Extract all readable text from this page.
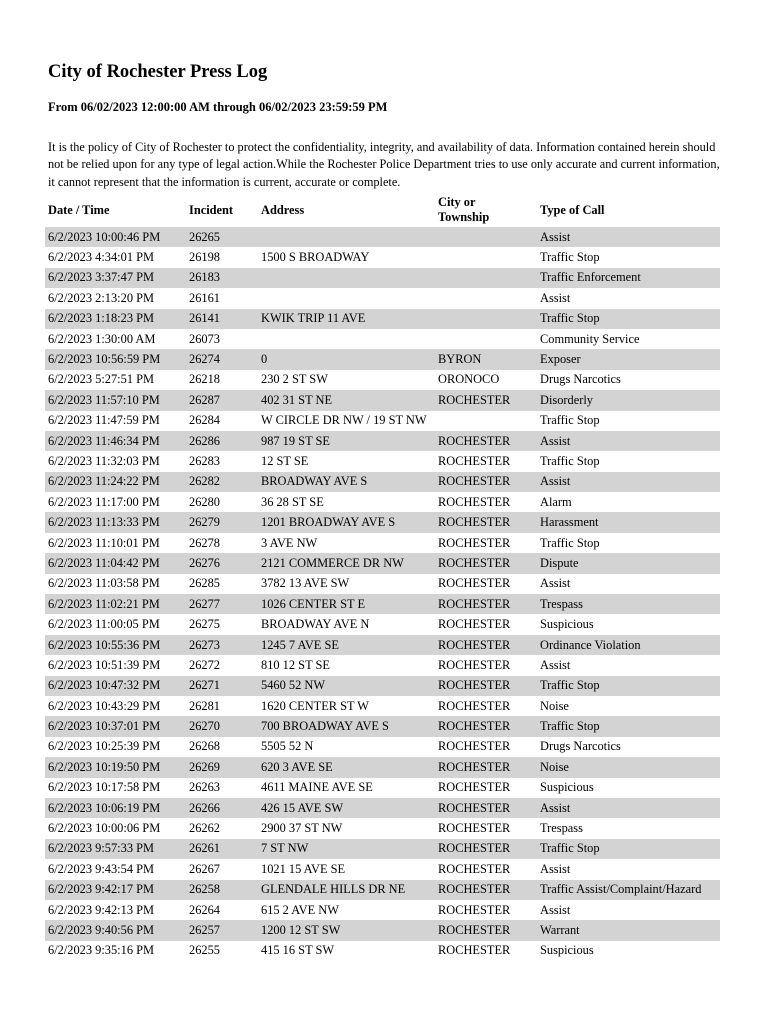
City of Rochester Press Log
From 06/02/2023 12:00:00 AM through 06/02/2023 23:59:59 PM
It is the policy of City of Rochester to protect the confidentiality, integrity, and availability of data. Information contained herein should not be relied upon for any type of legal action.While the Rochester Police Department tries to use only accurate and current information, it cannot represent that the information is current, accurate or complete.
Date / Time	Incident	Address	City or Township	Type of Call
6/2/2023 10:00:46 PM	26265			Assist
6/2/2023 4:34:01 PM	26198	1500 S BROADWAY		Traffic Stop
6/2/2023 3:37:47 PM	26183			Traffic Enforcement
6/2/2023 2:13:20 PM	26161			Assist
6/2/2023 1:18:23 PM	26141	KWIK TRIP 11 AVE		Traffic Stop
6/2/2023 1:30:00 AM	26073			Community Service
6/2/2023 10:56:59 PM	26274	0	BYRON	Exposer
6/2/2023 5:27:51 PM	26218	230 2 ST SW	ORONOCO	Drugs Narcotics
6/2/2023 11:57:10 PM	26287	402 31 ST NE	ROCHESTER	Disorderly
6/2/2023 11:47:59 PM	26284	W CIRCLE DR NW / 19 ST NW		Traffic Stop
6/2/2023 11:46:34 PM	26286	987 19 ST SE	ROCHESTER	Assist
6/2/2023 11:32:03 PM	26283	12 ST SE	ROCHESTER	Traffic Stop
6/2/2023 11:24:22 PM	26282	BROADWAY AVE S	ROCHESTER	Assist
6/2/2023 11:17:00 PM	26280	36 28 ST SE	ROCHESTER	Alarm
6/2/2023 11:13:33 PM	26279	1201 BROADWAY AVE S	ROCHESTER	Harassment
6/2/2023 11:10:01 PM	26278	3 AVE NW	ROCHESTER	Traffic Stop
6/2/2023 11:04:42 PM	26276	2121 COMMERCE DR NW	ROCHESTER	Dispute
6/2/2023 11:03:58 PM	26285	3782 13 AVE SW	ROCHESTER	Assist
6/2/2023 11:02:21 PM	26277	1026 CENTER ST E	ROCHESTER	Trespass
6/2/2023 11:00:05 PM	26275	BROADWAY AVE N	ROCHESTER	Suspicious
6/2/2023 10:55:36 PM	26273	1245 7 AVE SE	ROCHESTER	Ordinance Violation
6/2/2023 10:51:39 PM	26272	810 12 ST SE	ROCHESTER	Assist
6/2/2023 10:47:32 PM	26271	5460 52 NW	ROCHESTER	Traffic Stop
6/2/2023 10:43:29 PM	26281	1620 CENTER ST W	ROCHESTER	Noise
6/2/2023 10:37:01 PM	26270	700 BROADWAY AVE S	ROCHESTER	Traffic Stop
6/2/2023 10:25:39 PM	26268	5505 52 N	ROCHESTER	Drugs Narcotics
6/2/2023 10:19:50 PM	26269	620 3 AVE SE	ROCHESTER	Noise
6/2/2023 10:17:58 PM	26263	4611 MAINE AVE SE	ROCHESTER	Suspicious
6/2/2023 10:06:19 PM	26266	426 15 AVE SW	ROCHESTER	Assist
6/2/2023 10:00:06 PM	26262	2900 37 ST NW	ROCHESTER	Trespass
6/2/2023 9:57:33 PM	26261	7 ST NW	ROCHESTER	Traffic Stop
6/2/2023 9:43:54 PM	26267	1021 15 AVE SE	ROCHESTER	Assist
6/2/2023 9:42:17 PM	26258	GLENDALE HILLS DR NE	ROCHESTER	Traffic Assist/Complaint/Hazard
6/2/2023 9:42:13 PM	26264	615 2 AVE NW	ROCHESTER	Assist
6/2/2023 9:40:56 PM	26257	1200 12 ST SW	ROCHESTER	Warrant
6/2/2023 9:35:16 PM	26255	415 16 ST SW	ROCHESTER	Suspicious
